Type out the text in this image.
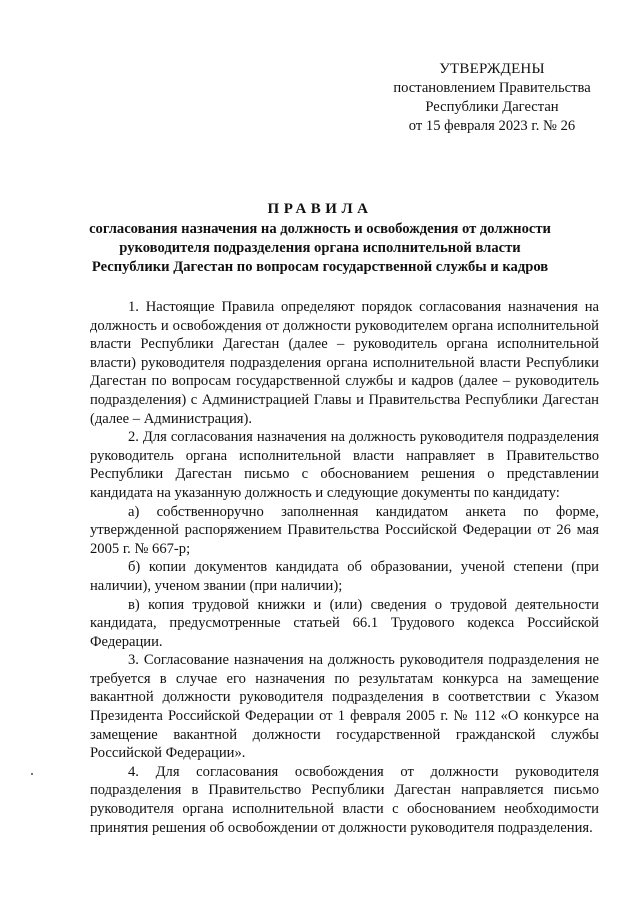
УТВЕРЖДЕНЫ
постановлением Правительства
Республики Дагестан
от 15 февраля 2023 г. № 26
ПРАВИЛА
согласования назначения на должность и освобождения от должности
руководителя подразделения органа исполнительной власти
Республики Дагестан по вопросам государственной службы и кадров

1. Настоящие Правила определяют порядок согласования назначения на должность и освобождения от должности руководителем органа исполнительной власти Республики Дагестан (далее – руководитель органа исполнительной власти) руководителя подразделения органа исполнительной власти Республики Дагестан по вопросам государственной службы и кадров (далее – руководитель подразделения) с Администрацией Главы и Правительства Республики Дагестан (далее – Администрация).

2. Для согласования назначения на должность руководителя подразделения руководитель органа исполнительной власти направляет в Правительство Республики Дагестан письмо с обоснованием решения о представлении кандидата на указанную должность и следующие документы по кандидату:

а) собственноручно заполненная кандидатом анкета по форме, утвержденной распоряжением Правительства Российской Федерации от 26 мая 2005 г. № 667-р;

б) копии документов кандидата об образовании, ученой степени (при наличии), ученом звании (при наличии);

в) копия трудовой книжки и (или) сведения о трудовой деятельности кандидата, предусмотренные статьей 66.1 Трудового кодекса Российской Федерации.

3. Согласование назначения на должность руководителя подразделения не требуется в случае его назначения по результатам конкурса на замещение вакантной должности руководителя подразделения в соответствии с Указом Президента Российской Федерации от 1 февраля 2005 г. № 112 «О конкурсе на замещение вакантной должности государственной гражданской службы Российской Федерации».

4. Для согласования освобождения от должности руководителя подразделения в Правительство Республики Дагестан направляется письмо руководителя органа исполнительной власти с обоснованием необходимости принятия решения об освобождении от должности руководителя подразделения.
